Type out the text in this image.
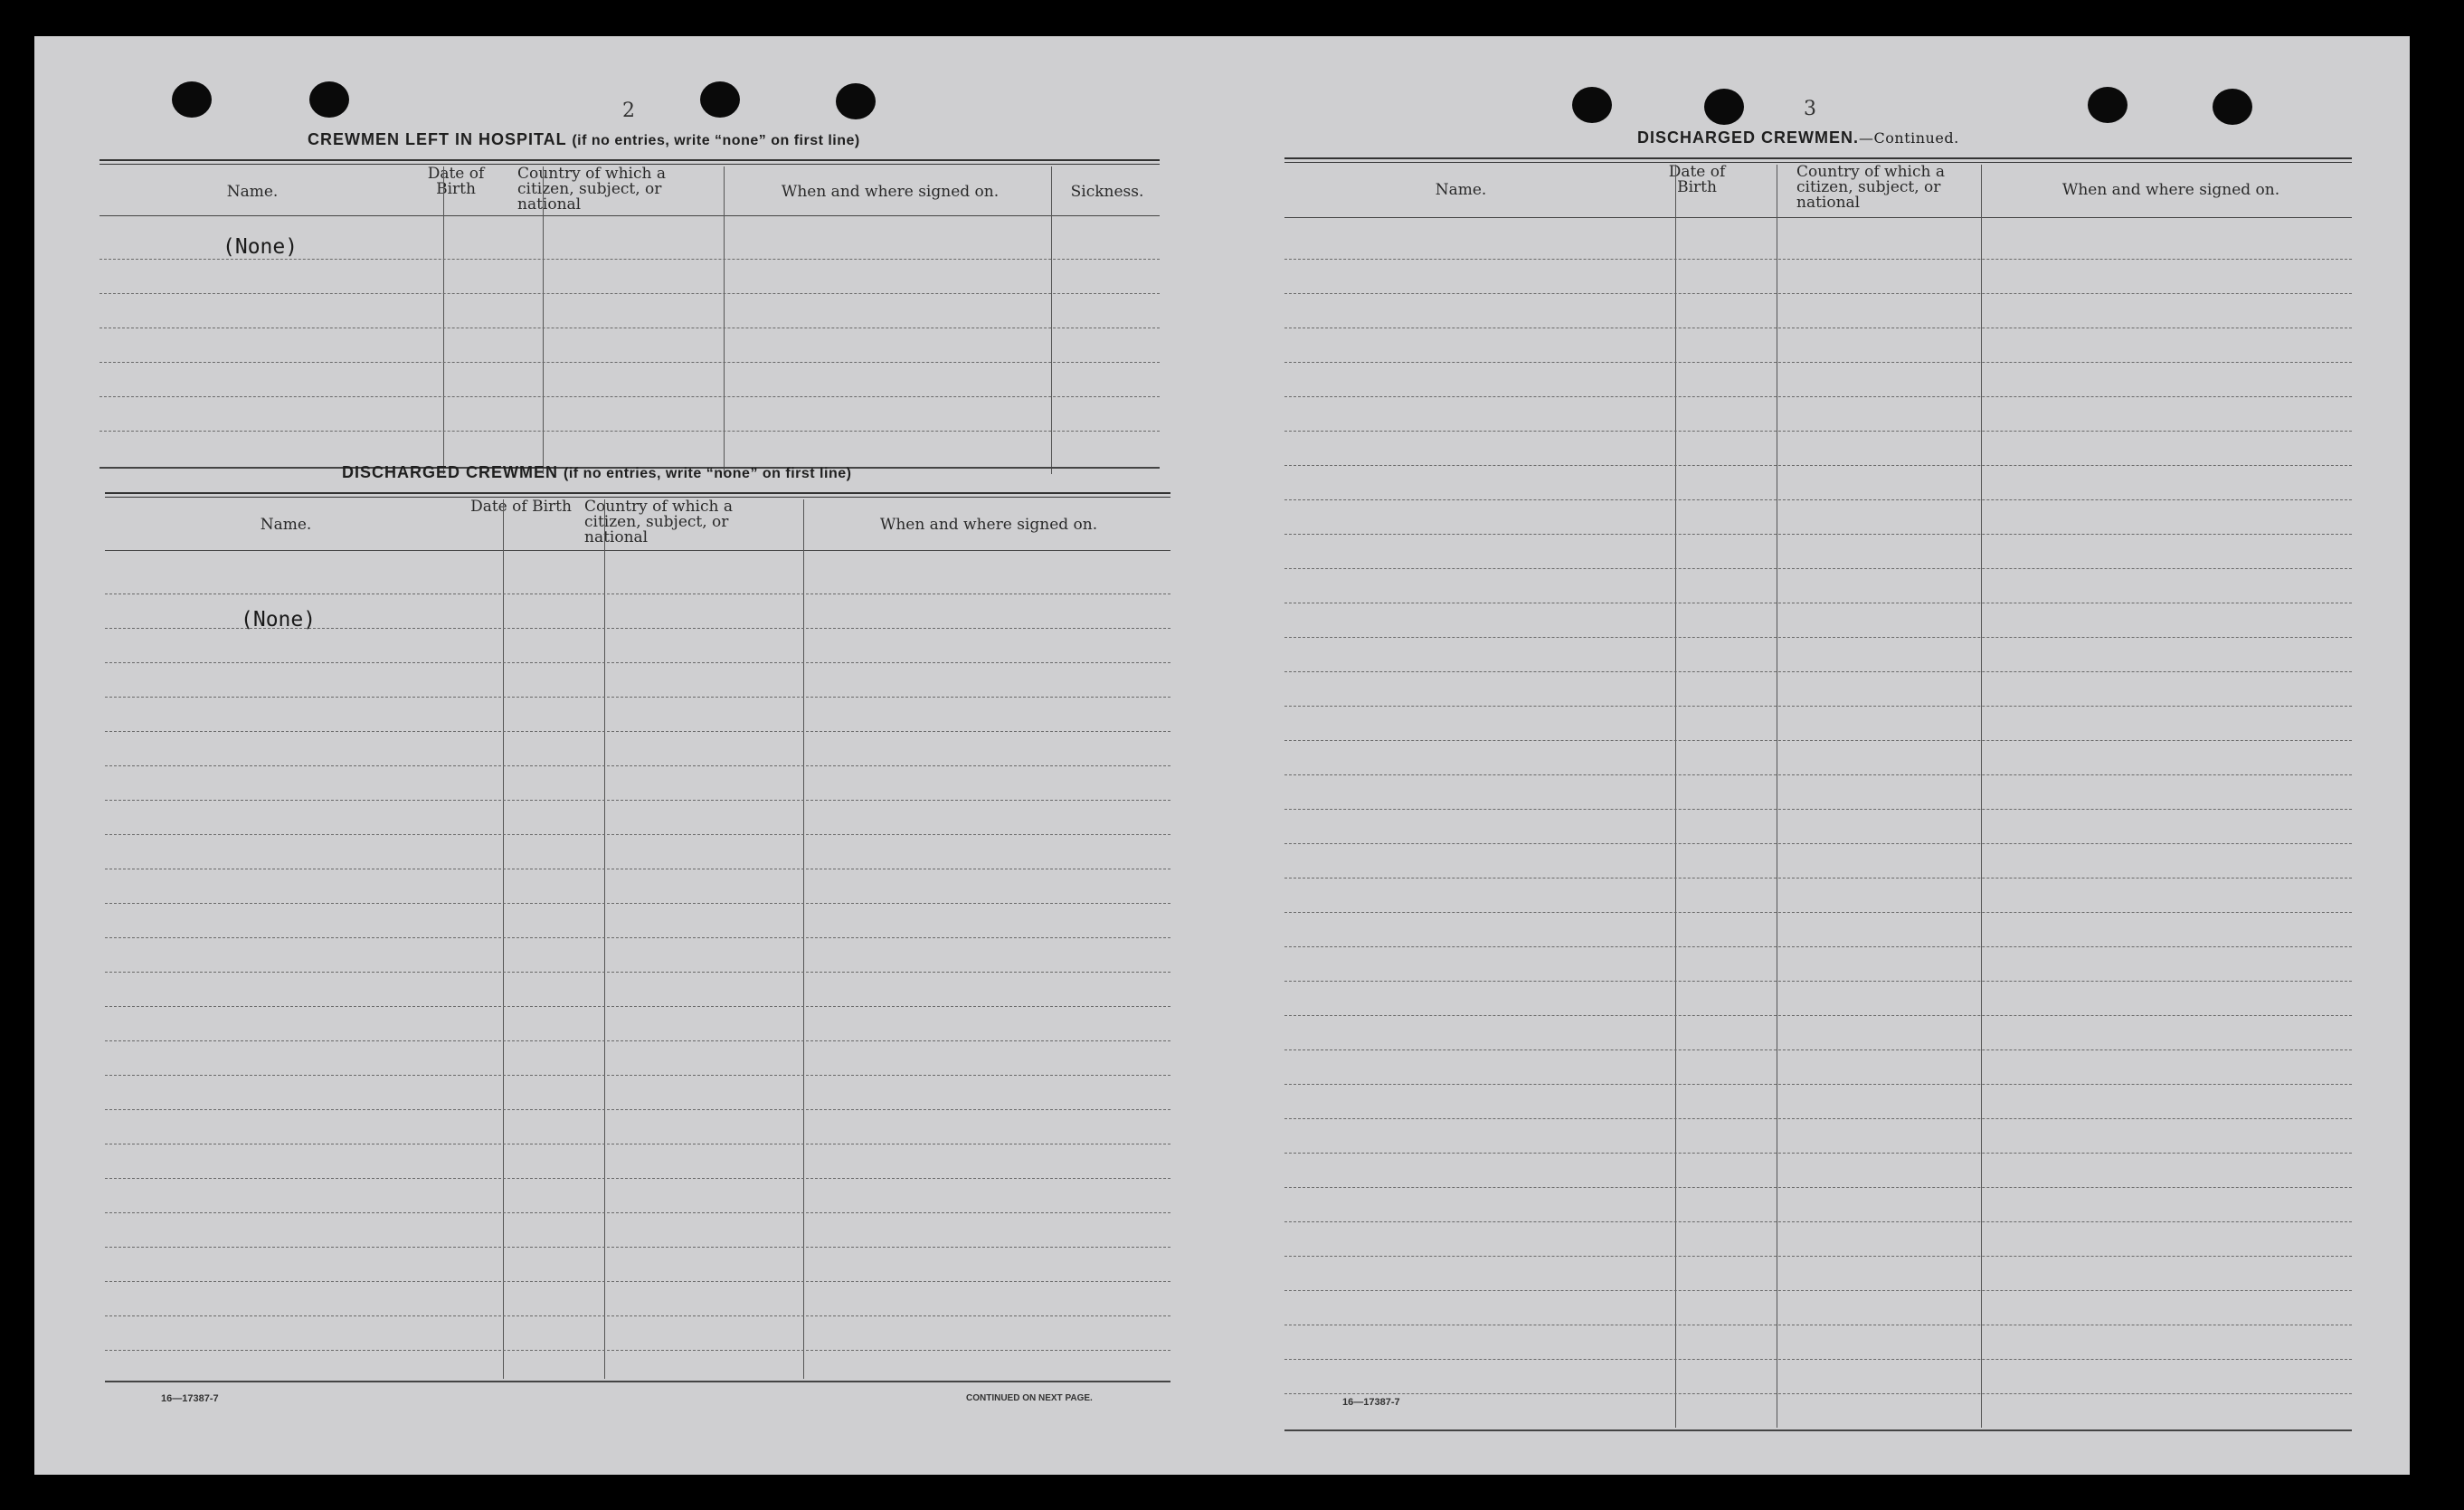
2
CREWMEN LEFT IN HOSPITAL (if no entries, write “none” on first line)
Name.
Date of Birth
Country of which a citizen, subject, or national
When and where signed on.	Sickness.
(None)
DISCHARGED CREWMEN (if no entries, write “none” on first line)
Name.
Date of Birth Country of which a citizen, subject, or national
When and where signed on.
(None)
16—17387-7	CONTINUED ON NEXT PAGE.
3
DISCHARGED CREWMEN.—Continued.
Name.
Date of Birth
Country of which a citizen, subject, or national
When and where signed on.
16—17387-7
